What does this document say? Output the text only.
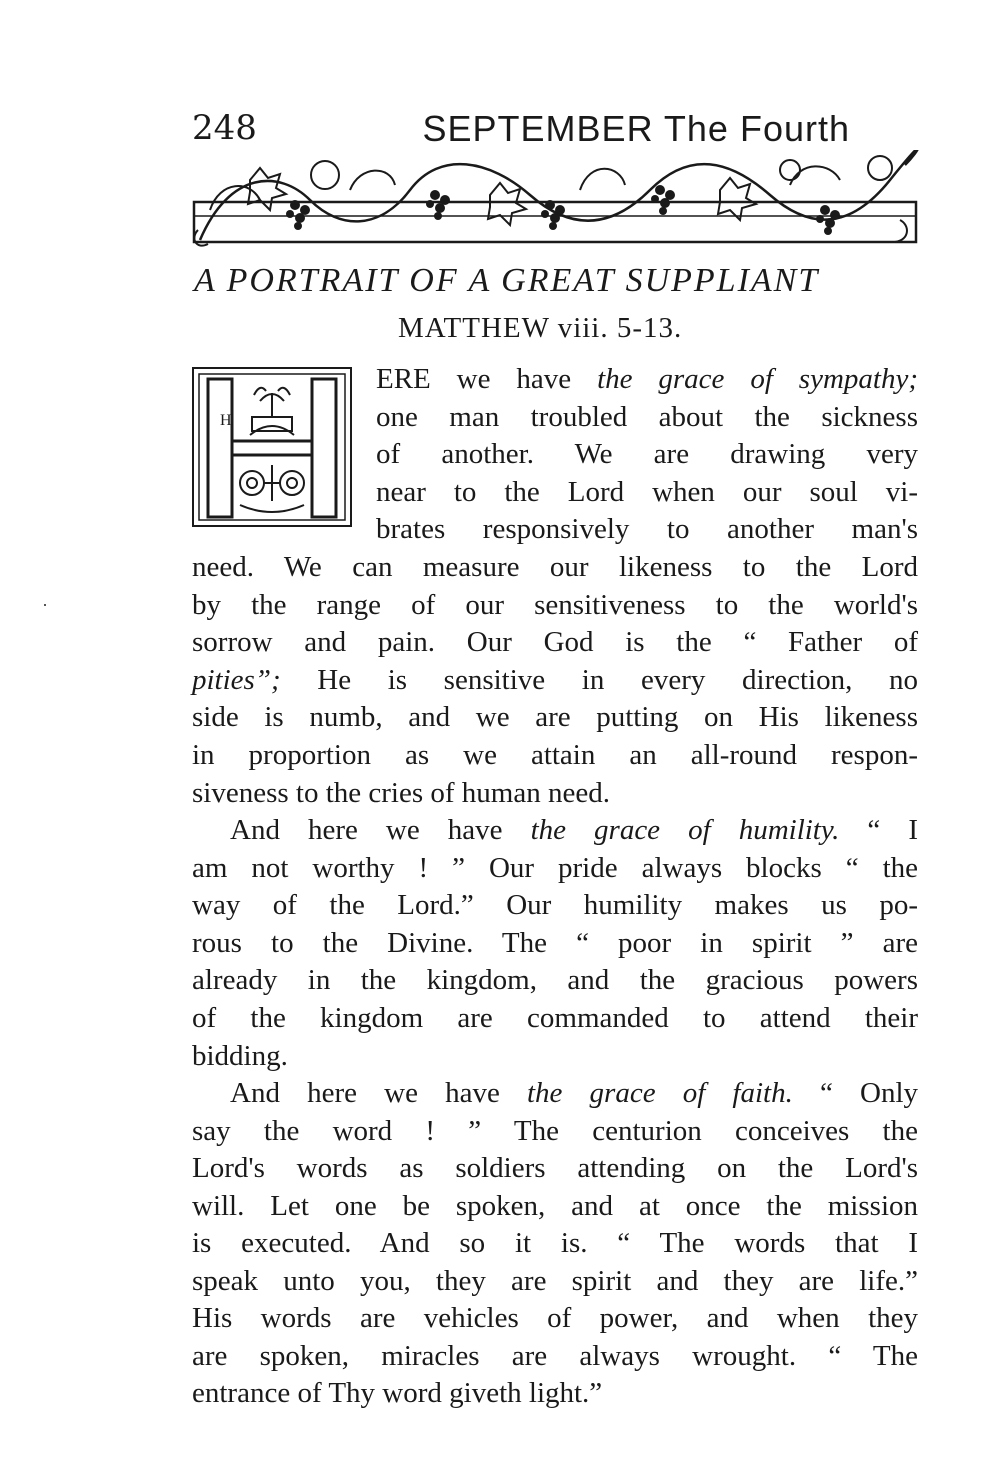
248	SEPTEMBER The Fourth
A PORTRAIT OF A GREAT SUPPLIANT
MATTHEW viii. 5-13.
H
ERE we have the grace of sympathy;
one man troubled about the sickness
of another. We are drawing very
near to the Lord when our soul vi-
brates responsively to another man's
need. We can measure our likeness to the Lord
by the range of our sensitiveness to the world's
sorrow and pain. Our God is the “ Father of
pities”; He is sensitive in every direction, no
side is numb, and we are putting on His likeness
in proportion as we attain an all-round respon-
siveness to the cries of human need.
And here we have the grace of humility. “ I
am not worthy ! ” Our pride always blocks “ the
way of the Lord.” Our humility makes us po-
rous to the Divine. The “ poor in spirit ” are
already in the kingdom, and the gracious powers
of the kingdom are commanded to attend their
bidding.
And here we have the grace of faith. “ Only
say the word ! ” The centurion conceives the
Lord's words as soldiers attending on the Lord's
will. Let one be spoken, and at once the mission
is executed. And so it is. “ The words that I
speak unto you, they are spirit and they are life.”
His words are vehicles of power, and when they
are spoken, miracles are always wrought. “ The
entrance of Thy word giveth light.”
